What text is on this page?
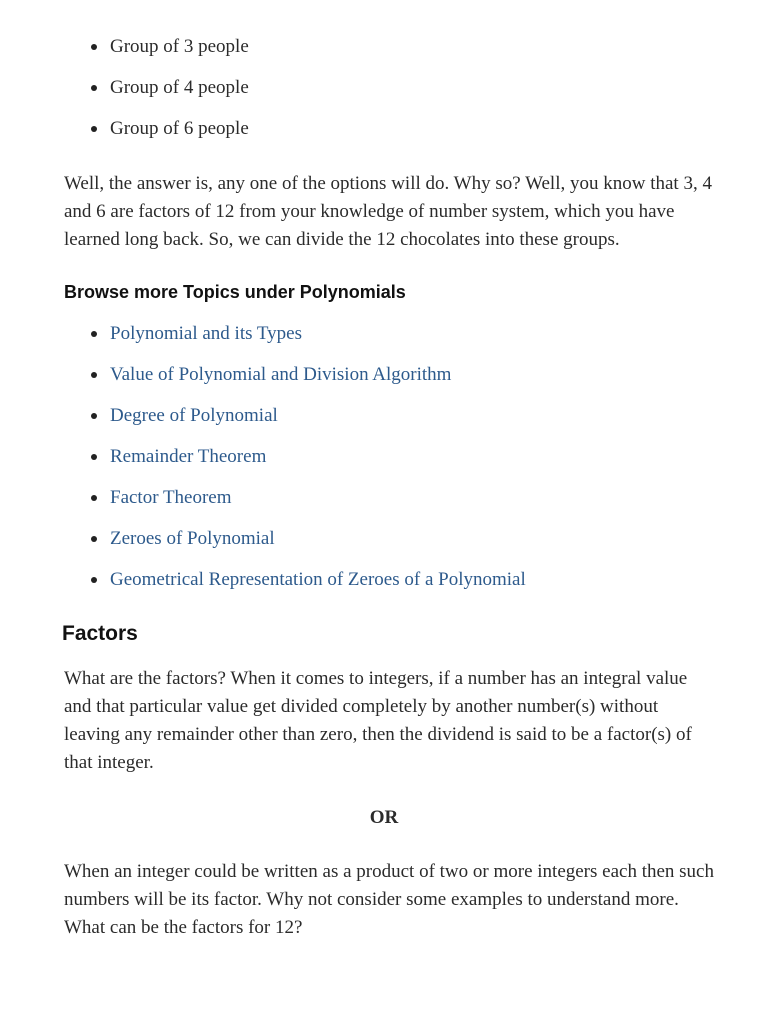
Group of 3 people
Group of 4 people
Group of 6 people

Well, the answer is, any one of the options will do. Why so? Well, you know that 3, 4 and 6 are factors of 12 from your knowledge of number system, which you have learned long back. So, we can divide the 12 chocolates into these groups.

Browse more Topics under Polynomials
Polynomial and its Types
Value of Polynomial and Division Algorithm
Degree of Polynomial
Remainder Theorem
Factor Theorem
Zeroes of Polynomial
Geometrical Representation of Zeroes of a Polynomial
Factors

What are the factors? When it comes to integers, if a number has an integral value and that particular value get divided completely by another number(s) without leaving any remainder other than zero, then the dividend is said to be a factor(s) of that integer.

OR

When an integer could be written as a product of two or more integers each then such numbers will be its factor. Why not consider some examples to understand more. What can be the factors for 12?
